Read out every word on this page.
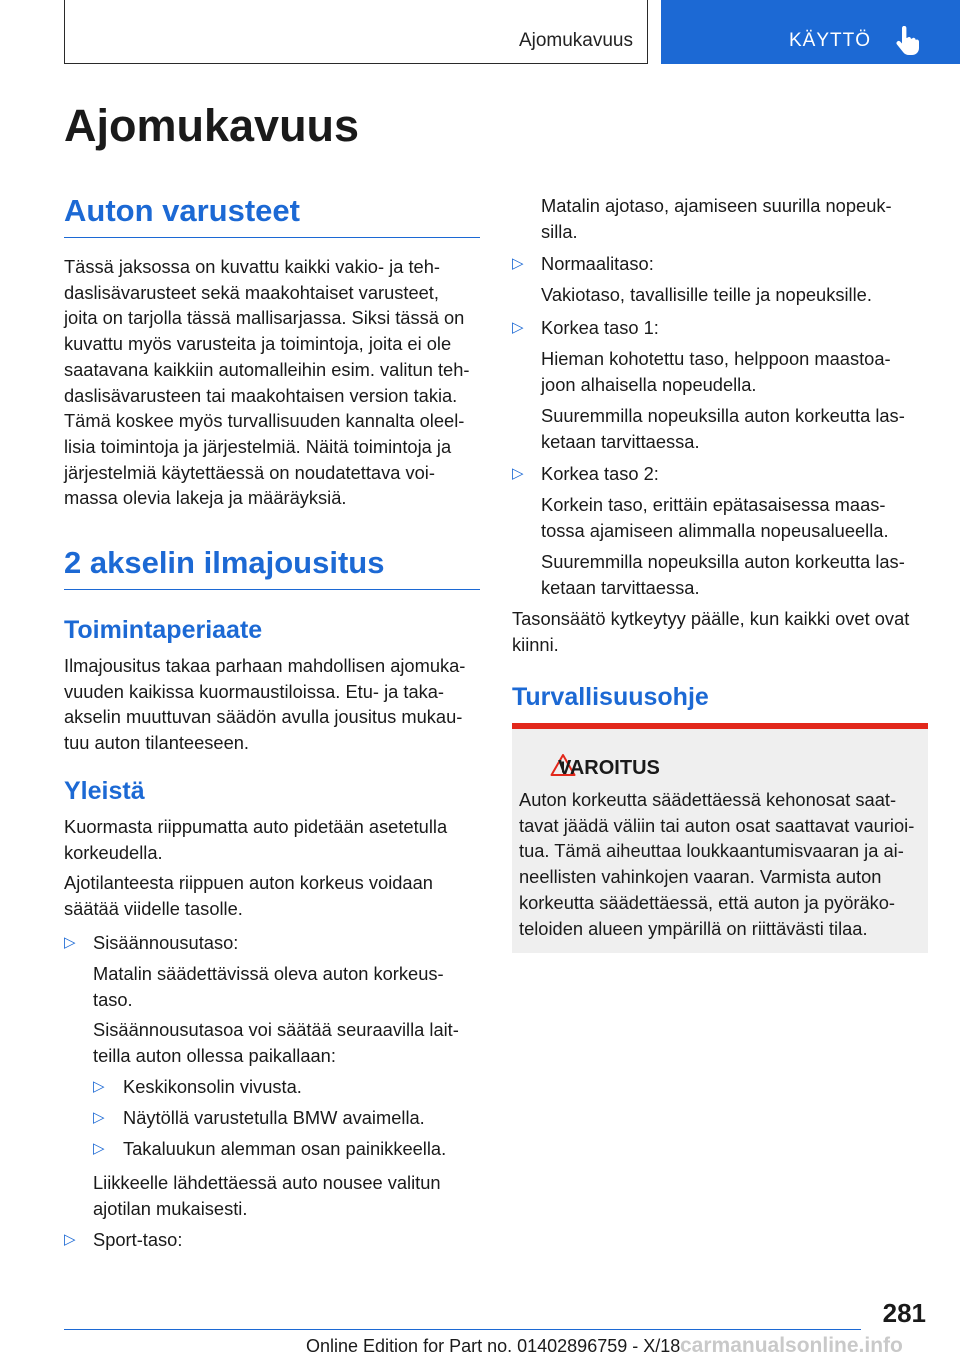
Ajomukavuus	KÄYTTÖ
Ajomukavuus
Auton varusteet

Tässä jaksossa on kuvattu kaikki vakio- ja teh-
daslisävarusteet sekä maakohtaiset varusteet,
joita on tarjolla tässä mallisarjassa. Siksi tässä on
kuvattu myös varusteita ja toimintoja, joita ei ole
saatavana kaikkiin automalleihin esim. valitun teh-
daslisävarusteen tai maakohtaisen version takia.
Tämä koskee myös turvallisuuden kannalta oleel-
lisia toimintoja ja järjestelmiä. Näitä toimintoja ja
järjestelmiä käytettäessä on noudatettava voi-
massa olevia lakeja ja määräyksiä.

2 akselin ilmajousitus
Toimintaperiaate

Ilmajousitus takaa parhaan mahdollisen ajomuka-
vuuden kaikissa kuormaustiloissa. Etu- ja taka-
akselin muuttuvan säädön avulla jousitus mukau-
tuu auton tilanteeseen.

Yleistä

Kuormasta riippumatta auto pidetään asetetulla
korkeudella.

Ajotilanteesta riippuen auton korkeus voidaan
säätää viidelle tasolle.

▷ Sisäännousutaso:

Matalin säädettävissä oleva auton korkeus-
taso.

Sisäännousutasoa voi säätää seuraavilla lait-
teilla auton ollessa paikallaan:

▷ Keskikonsolin vivusta.

▷ Näytöllä varustetulla BMW avaimella.

▷ Takaluukun alemman osan painikkeella.

Liikkeelle lähdettäessä auto nousee valitun
ajotilan mukaisesti.

▷ Sport-taso:

Matalin ajotaso, ajamiseen suurilla nopeuk-
silla.

▷ Normaalitaso:

Vakiotaso, tavallisille teille ja nopeuksille.

▷ Korkea taso 1:

Hieman kohotettu taso, helppoon maastoa-
joon alhaisella nopeudella.

Suuremmilla nopeuksilla auton korkeutta las-
ketaan tarvittaessa.

▷ Korkea taso 2:

Korkein taso, erittäin epätasaisessa maas-
tossa ajamiseen alimmalla nopeusalueella.

Suuremmilla nopeuksilla auton korkeutta las-
ketaan tarvittaessa.

Tasonsäätö kytkeytyy päälle, kun kaikki ovet ovat
kiinni.

Turvallisuusohje
VAROITUS

Auton korkeutta säädettäessä kehonosat saat-
tavat jäädä väliin tai auton osat saattavat vaurioi-
tua. Tämä aiheuttaa loukkaantumisvaaran ja ai-
neellisten vahinkojen vaaran. Varmista auton
korkeutta säädettäessä, että auton ja pyöräko-
teloiden alueen ympärillä on riittävästi tilaa.

281
Online Edition for Part no. 01402896759 - X/18 carmanualsonline.info
